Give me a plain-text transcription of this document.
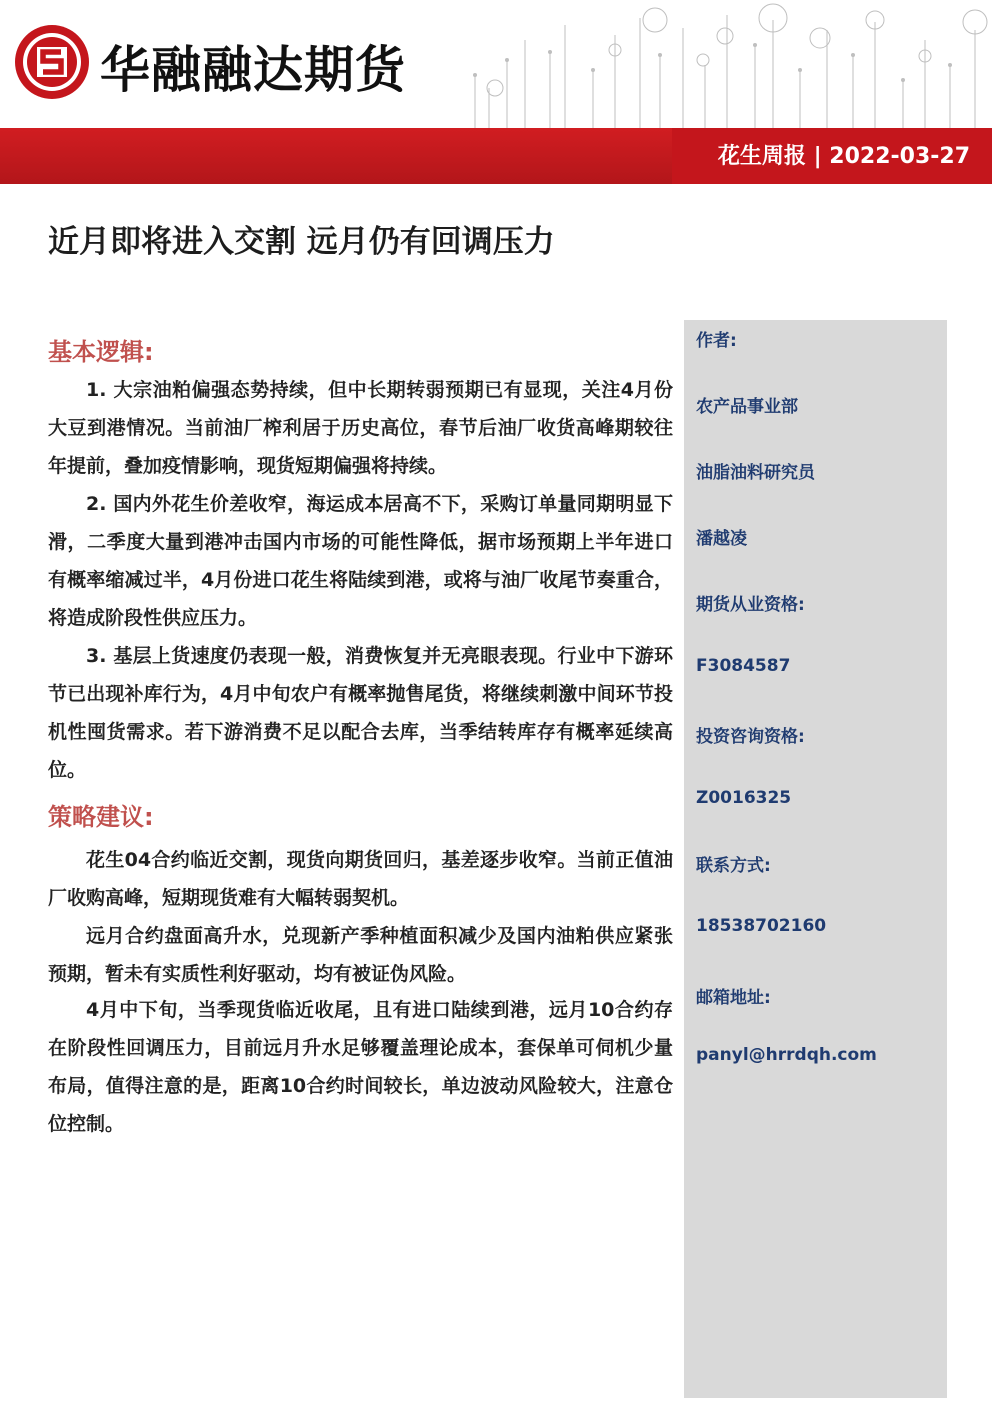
华融融达期货
花生周报 | 2022-03-27
近月即将进入交割 远月仍有回调压力
作者:
农产品事业部
油脂油料研究员
潘越凌
期货从业资格:
F3084587
投资咨询资格:
Z0016325
联系方式:
18538702160
邮箱地址:
panyl@hrrdqh.com
基本逻辑:

1. 大宗油粕偏强态势持续，但中长期转弱预期已有显现，关注4月份大豆到港情况。当前油厂榨利居于历史高位，春节后油厂收货高峰期较往年提前，叠加疫情影响，现货短期偏强将持续。

2. 国内外花生价差收窄，海运成本居高不下，采购订单量同期明显下滑，二季度大量到港冲击国内市场的可能性降低，据市场预期上半年进口有概率缩减过半，4月份进口花生将陆续到港，或将与油厂收尾节奏重合，将造成阶段性供应压力。

3. 基层上货速度仍表现一般，消费恢复并无亮眼表现。行业中下游环节已出现补库行为，4月中旬农户有概率抛售尾货，将继续刺激中间环节投机性囤货需求。若下游消费不足以配合去库，当季结转库存有概率延续高位。

策略建议:

花生04合约临近交割，现货向期货回归，基差逐步收窄。当前正值油厂收购高峰，短期现货难有大幅转弱契机。

远月合约盘面高升水，兑现新产季种植面积减少及国内油粕供应紧张预期，暂未有实质性利好驱动，均有被证伪风险。

4月中下旬，当季现货临近收尾，且有进口陆续到港，远月10合约存在阶段性回调压力，目前远月升水足够覆盖理论成本，套保单可伺机少量布局，值得注意的是，距离10合约时间较长，单边波动风险较大，注意仓位控制。
